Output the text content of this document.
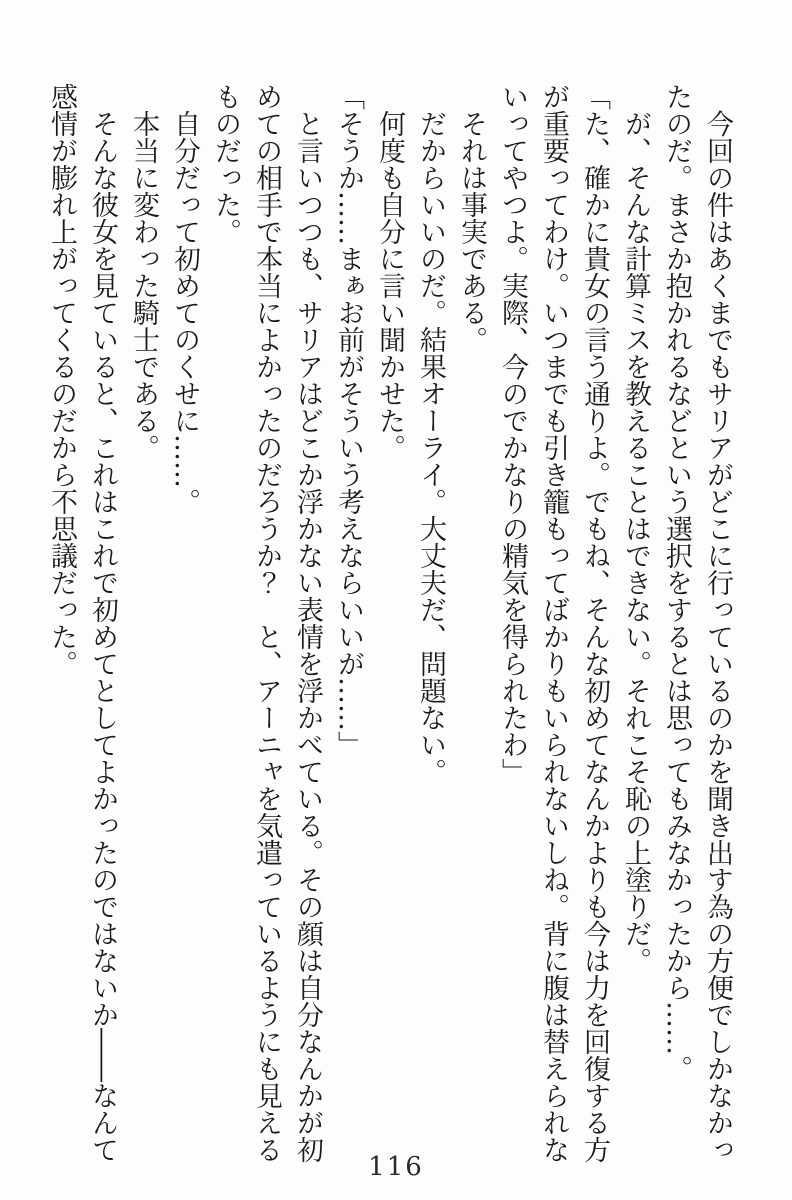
今回の件はあくまでもサリアがどこに行っているのかを聞き出す為の方便でしかなかったのだ。まさか抱かれるなどという選択をするとは思ってもみなかったから……。

が、そんな計算ミスを教えることはできない。それこそ恥の上塗りだ。

「た、確かに貴女の言う通りよ。でもね、そんな初めてなんかよりも今は力を回復する方が重要ってわけ。いつまでも引き籠もってばかりもいられないしね。背に腹は替えられないってやつよ。実際、今のでかなりの精気を得られたわ」

それは事実である。

だからいいのだ。結果オーライ。大丈夫だ、問題ない。

何度も自分に言い聞かせた。

「そうか……まぁお前がそういう考えならいいが……」

と言いつつも、サリアはどこか浮かない表情を浮かべている。その顔は自分なんかが初めての相手で本当によかったのだろうか？　と、アーニャを気遣っているようにも見えるものだった。

自分だって初めてのくせに……。

本当に変わった騎士である。

そんな彼女を見ていると、これはこれで初めてとしてよかったのではないか――なんて感情が膨れ上がってくるのだから不思議だった。

116
